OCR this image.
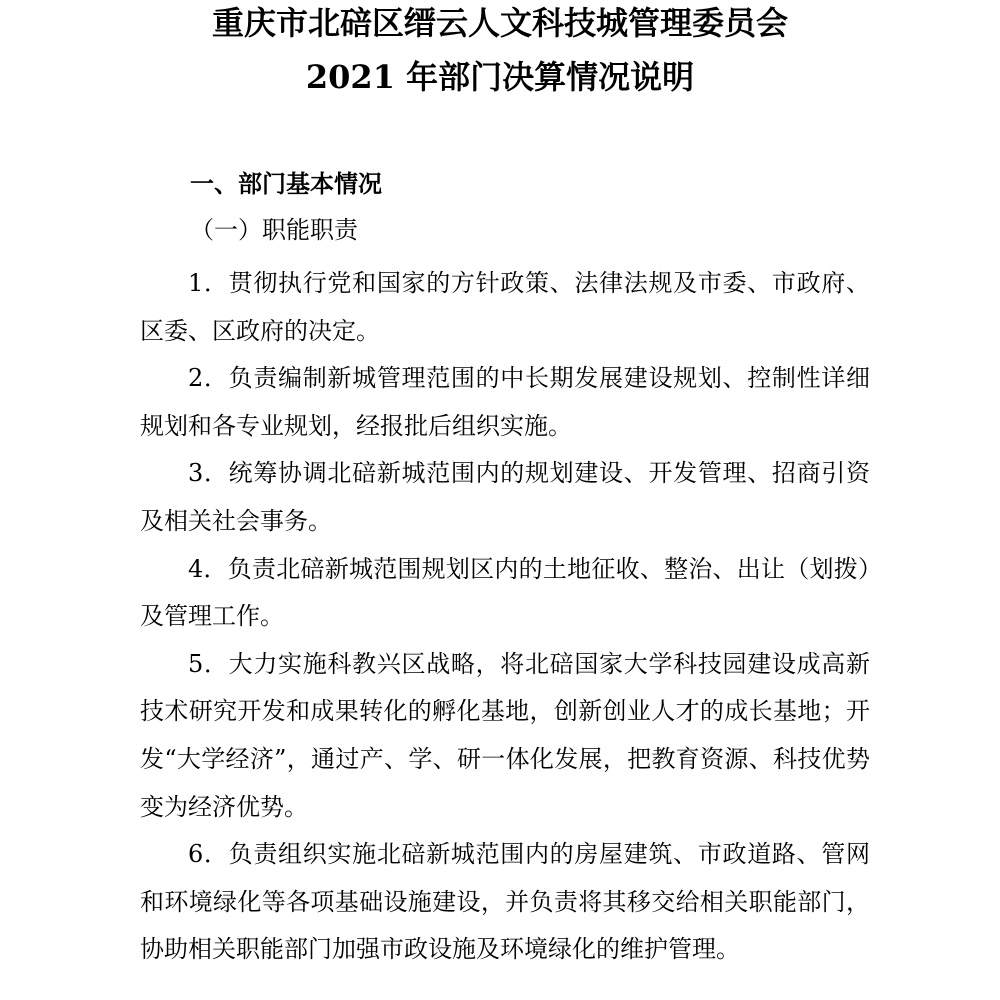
重庆市北碚区缙云人文科技城管理委员会
2021 年部门决算情况说明
一、部门基本情况
（一）职能职责

1．贯彻执行党和国家的方针政策、法律法规及市委、市政府、区委、区政府的决定。

2．负责编制新城管理范围的中长期发展建设规划、控制性详细规划和各专业规划，经报批后组织实施。

3．统筹协调北碚新城范围内的规划建设、开发管理、招商引资及相关社会事务。

4．负责北碚新城范围规划区内的土地征收、整治、出让（划拨）及管理工作。

5．大力实施科教兴区战略，将北碚国家大学科技园建设成高新技术研究开发和成果转化的孵化基地，创新创业人才的成长基地；开发“大学经济”，通过产、学、研一体化发展，把教育资源、科技优势变为经济优势。

6．负责组织实施北碚新城范围内的房屋建筑、市政道路、管网和环境绿化等各项基础设施建设，并负责将其移交给相关职能部门，协助相关职能部门加强市政设施及环境绿化的维护管理。
